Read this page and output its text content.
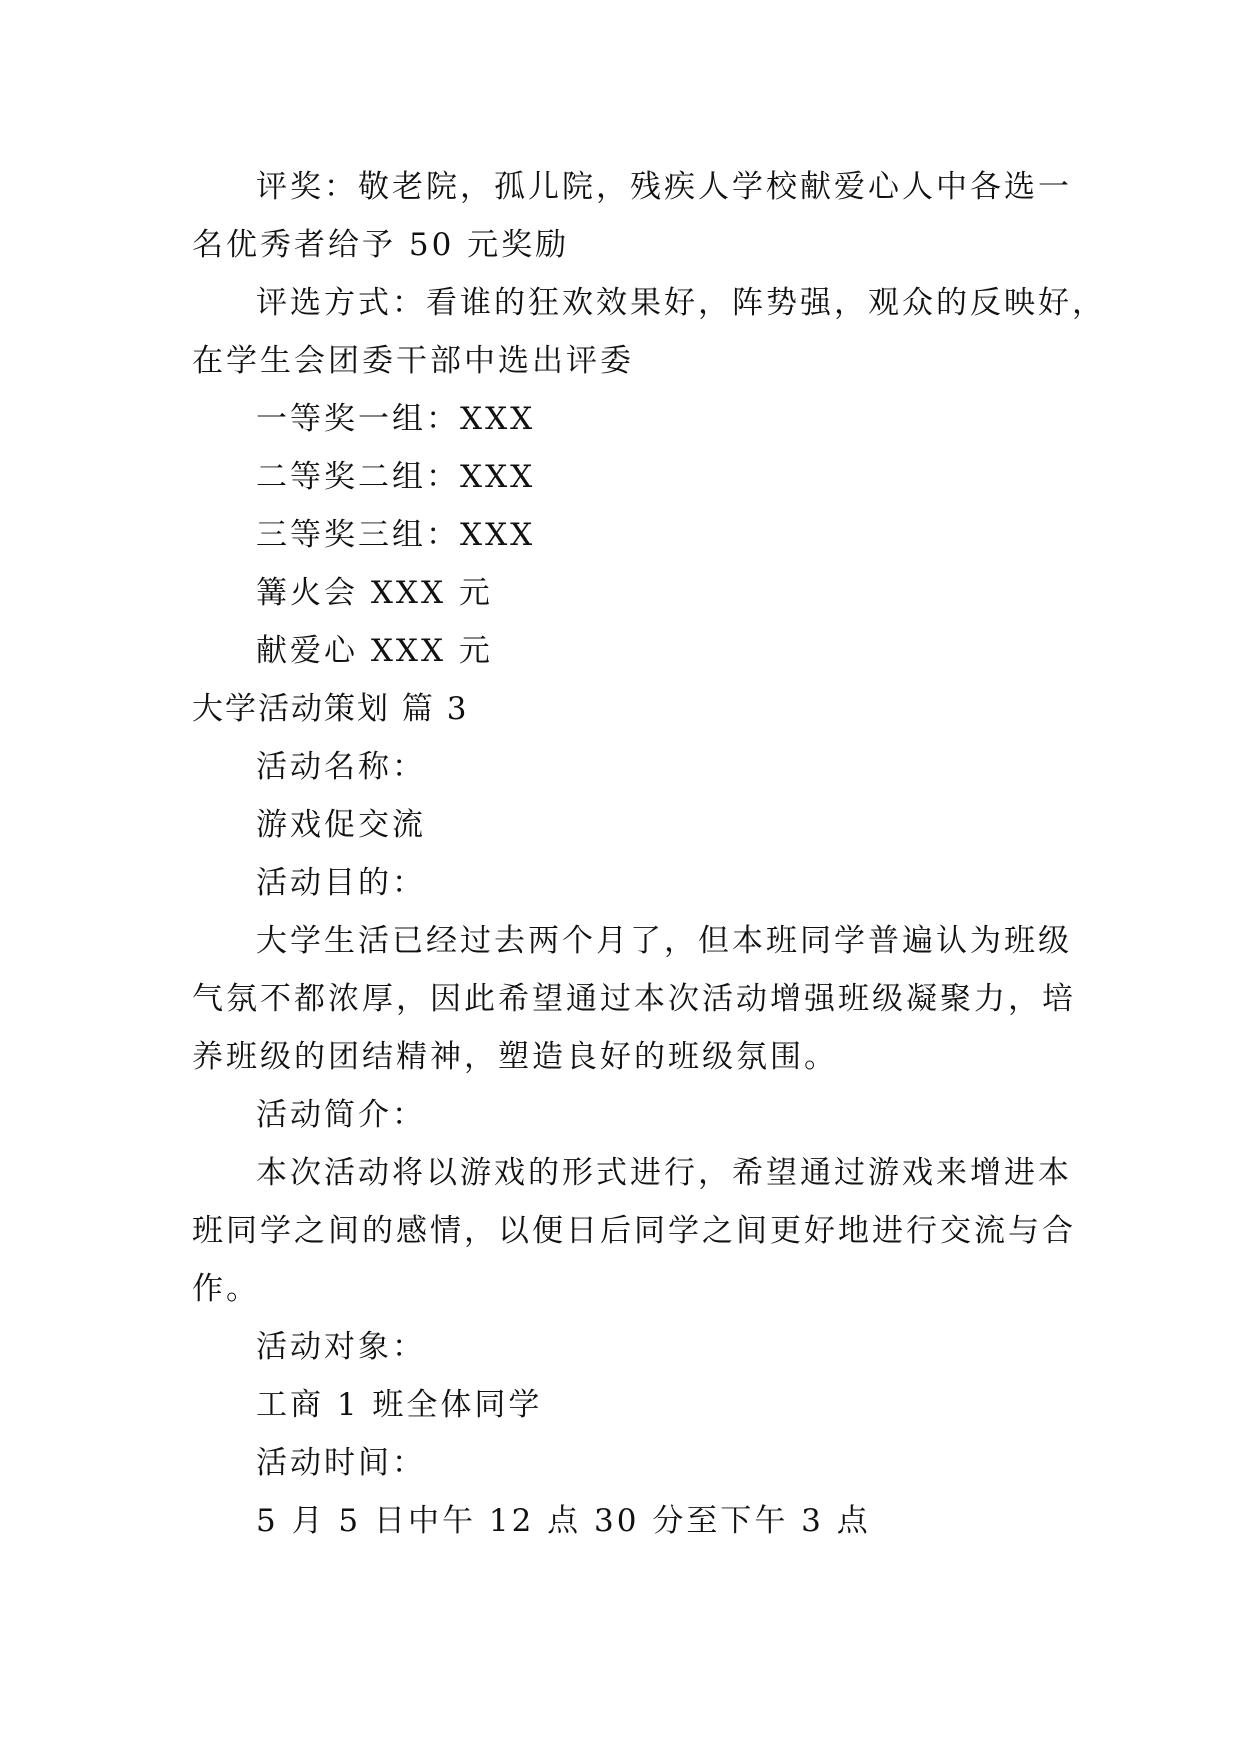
评奖：敬老院，孤儿院，残疾人学校献爱心人中各选一
名优秀者给予 50 元奖励
评选方式：看谁的狂欢效果好，阵势强，观众的反映好，
在学生会团委干部中选出评委
一等奖一组：XXX
二等奖二组：XXX
三等奖三组：XXX
篝火会 XXX 元
献爱心 XXX 元
大学活动策划 篇 3
活动名称：
游戏促交流
活动目的：
大学生活已经过去两个月了，但本班同学普遍认为班级
气氛不都浓厚，因此希望通过本次活动增强班级凝聚力，培
养班级的团结精神，塑造良好的班级氛围。
活动简介：
本次活动将以游戏的形式进行，希望通过游戏来增进本
班同学之间的感情，以便日后同学之间更好地进行交流与合
作。
活动对象：
工商 1 班全体同学
活动时间：
5 月 5 日中午 12 点 30 分至下午 3 点
